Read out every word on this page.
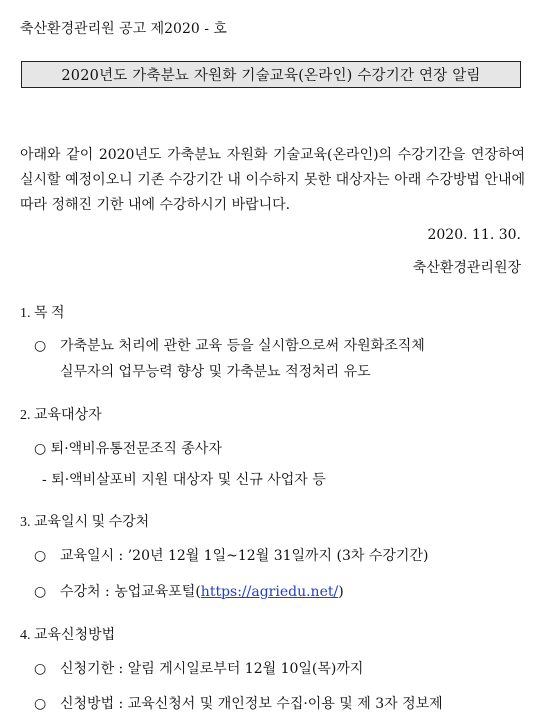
축산환경관리원 공고 제2020 - 호
2020년도 가축분뇨 자원화 기술교육(온라인) 수강기간 연장 알림
아래와 같이 2020년도 가축분뇨 자원화 기술교육(온라인)의 수강기간을 연장하여 실시할 예정이오니 기존 수강기간 내 이수하지 못한 대상자는 아래 수강방법 안내에 따라 정해진 기한 내에 수강하시기 바랍니다.
2020. 11. 30.
축산환경관리원장
1. 목 적
○ 가축분뇨 처리에 관한 교육 등을 실시함으로써 자원화조직체
실무자의 업무능력 향상 및 가축분뇨 적정처리 유도
2. 교육대상자
○ 퇴·액비유통전문조직 종사자
- 퇴·액비살포비 지원 대상자 및 신규 사업자 등
3. 교육일시 및 수강처
○ 교육일시 : ’20년 12월 1일~12월 31일까지 (3차 수강기간)
○ 수강처 : 농업교육포털(https://agriedu.net/)
4. 교육신청방법
○ 신청기한 : 알림 게시일로부터 12월 10일(목)까지
○ 신청방법 : 교육신청서 및 개인정보 수집·이용 및 제 3자 정보제
